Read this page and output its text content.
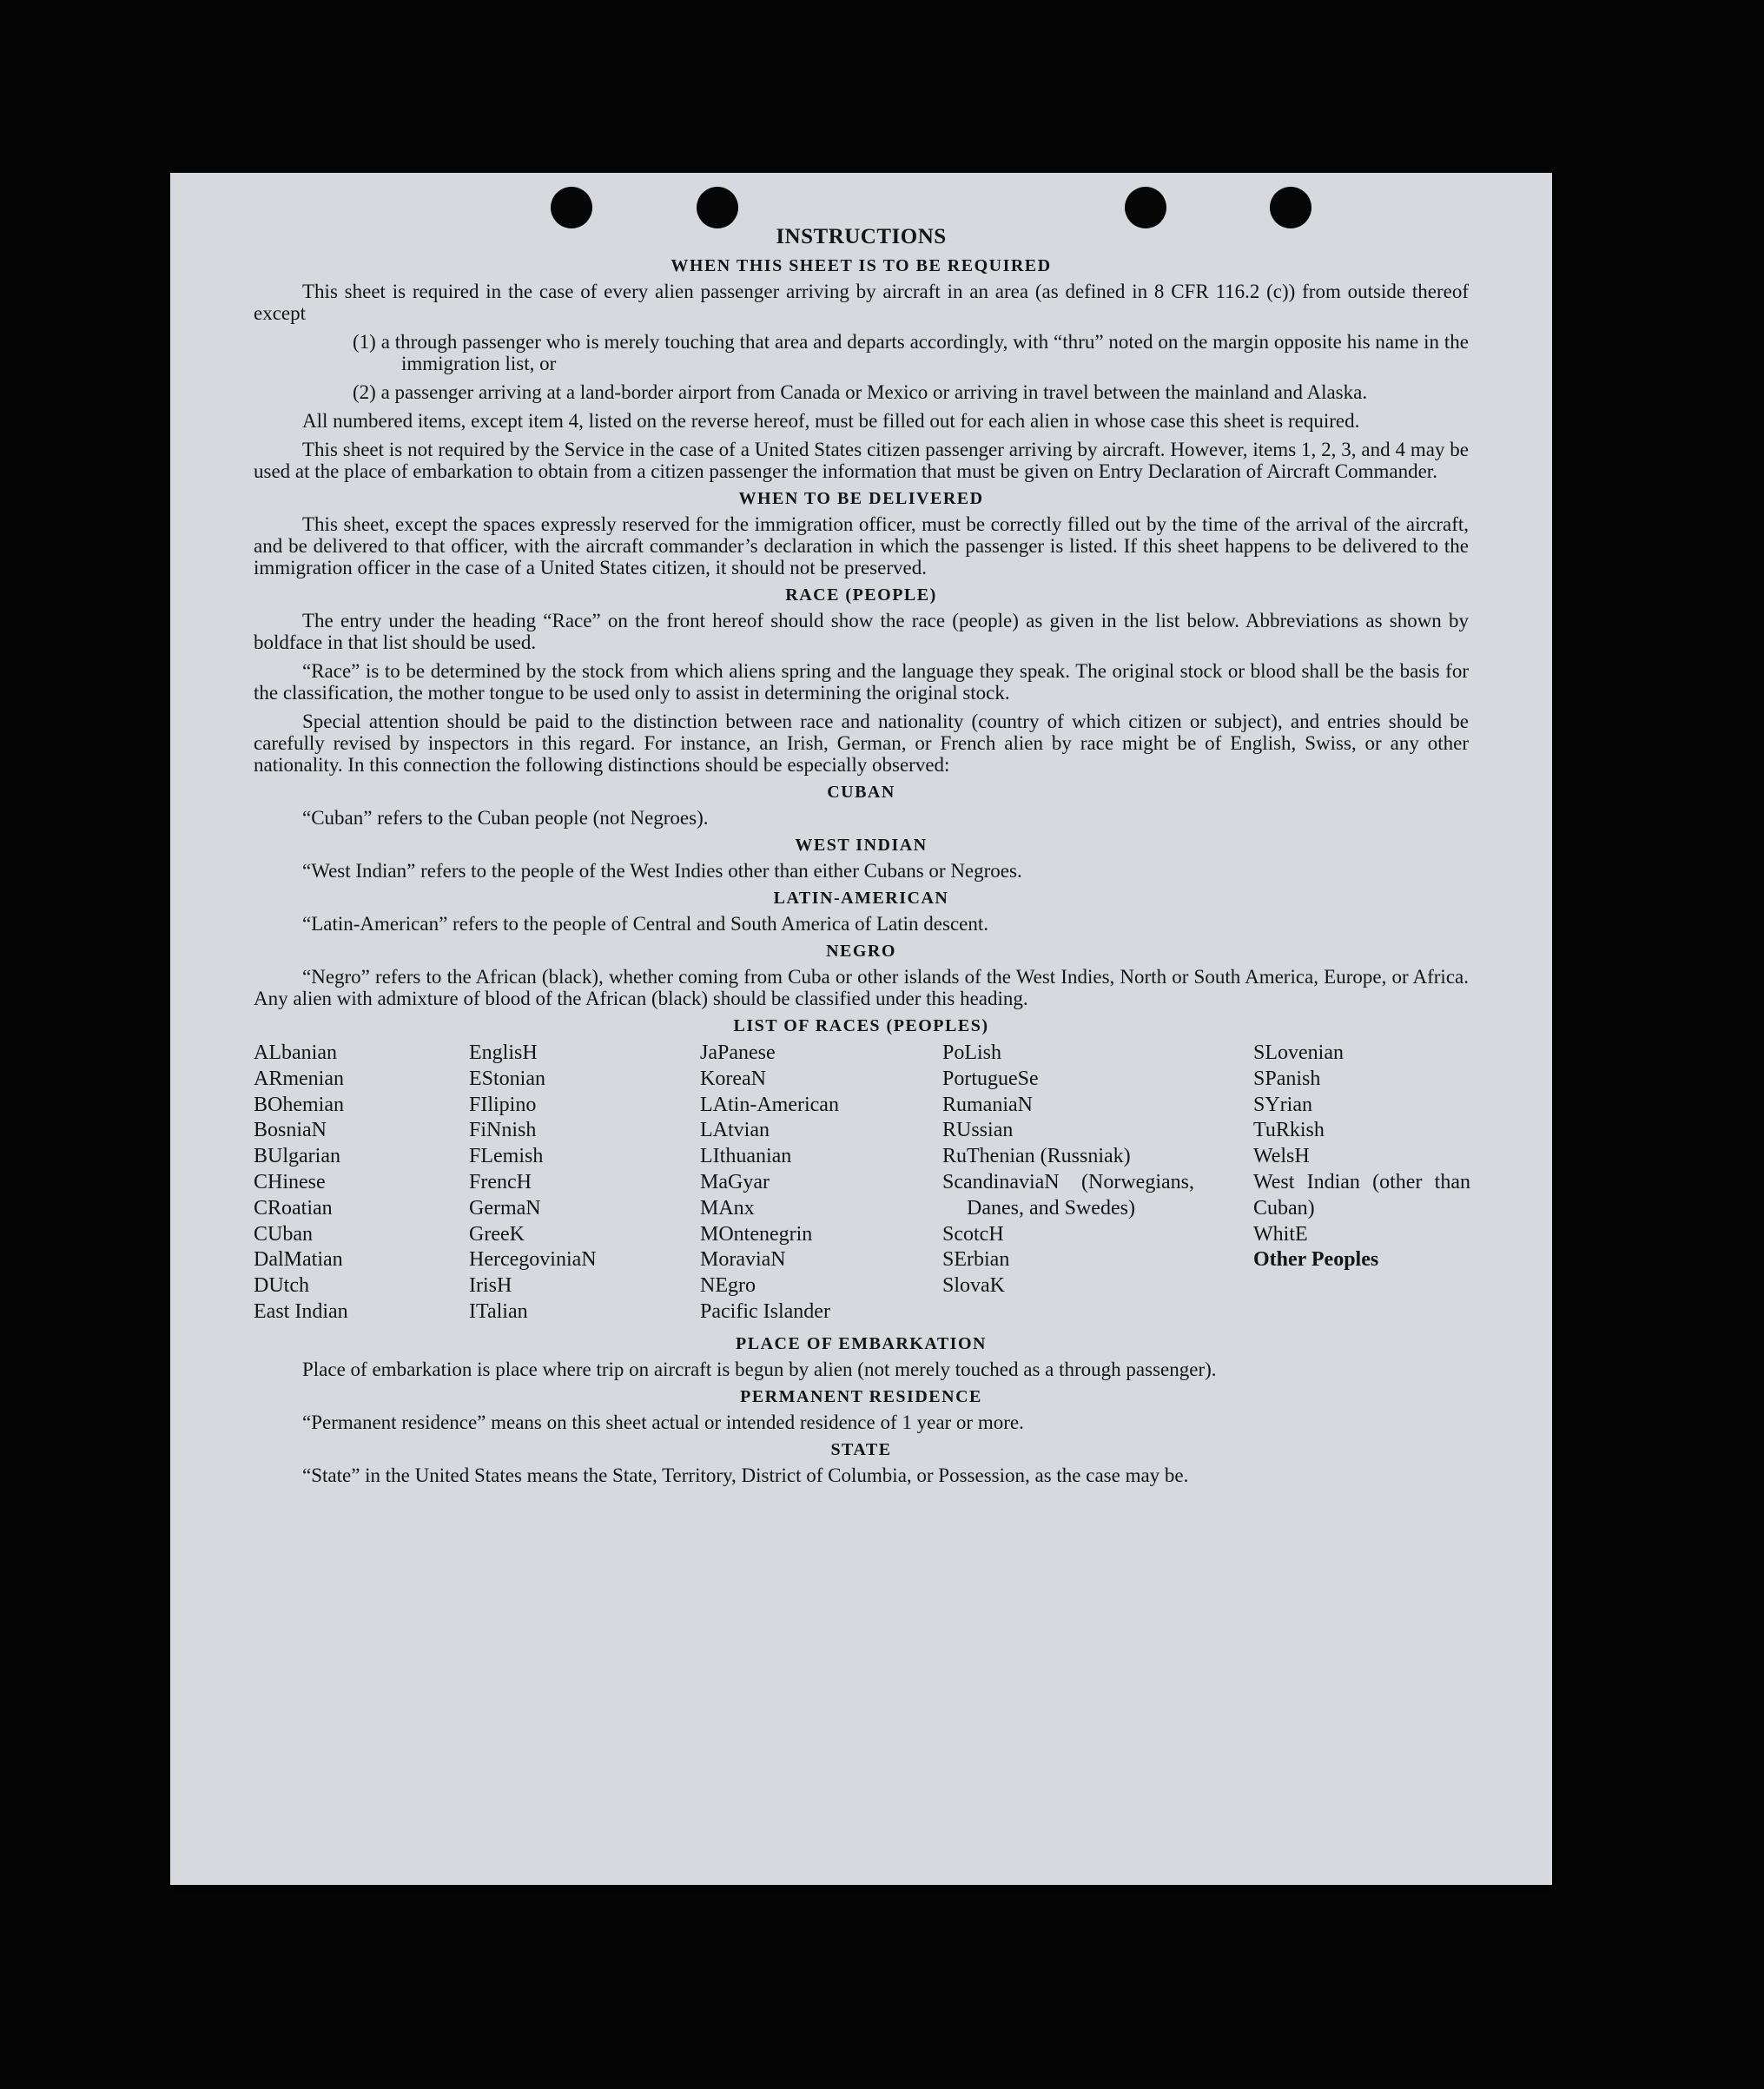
INSTRUCTIONS
WHEN THIS SHEET IS TO BE REQUIRED
This sheet is required in the case of every alien passenger arriving by aircraft in an area (as defined in 8 CFR 116.2 (c)) from outside thereof except
(1) a through passenger who is merely touching that area and departs accordingly, with “thru” noted on the margin opposite his name in the immigration list, or
(2) a passenger arriving at a land-border airport from Canada or Mexico or arriving in travel between the mainland and Alaska.
All numbered items, except item 4, listed on the reverse hereof, must be filled out for each alien in whose case this sheet is required.
This sheet is not required by the Service in the case of a United States citizen passenger arriving by aircraft. However, items 1, 2, 3, and 4 may be used at the place of embarkation to obtain from a citizen passenger the information that must be given on Entry Declaration of Aircraft Commander.
WHEN TO BE DELIVERED
This sheet, except the spaces expressly reserved for the immigration officer, must be correctly filled out by the time of the arrival of the aircraft, and be delivered to that officer, with the aircraft commander’s declaration in which the passenger is listed. If this sheet happens to be delivered to the immigration officer in the case of a United States citizen, it should not be preserved.
RACE (PEOPLE)
The entry under the heading “Race” on the front hereof should show the race (people) as given in the list below. Abbreviations as shown by boldface in that list should be used.
“Race” is to be determined by the stock from which aliens spring and the language they speak. The original stock or blood shall be the basis for the classification, the mother tongue to be used only to assist in determining the original stock.
Special attention should be paid to the distinction between race and nationality (country of which citizen or subject), and entries should be carefully revised by inspectors in this regard. For instance, an Irish, German, or French alien by race might be of English, Swiss, or any other nationality. In this connection the following distinctions should be especially observed:
CUBAN
“Cuban” refers to the Cuban people (not Negroes).
WEST INDIAN
“West Indian” refers to the people of the West Indies other than either Cubans or Negroes.
LATIN-AMERICAN
“Latin-American” refers to the people of Central and South America of Latin descent.
NEGRO
“Negro” refers to the African (black), whether coming from Cuba or other islands of the West Indies, North or South America, Europe, or Africa. Any alien with admixture of blood of the African (black) should be classified under this heading.
LIST OF RACES (PEOPLES)
ALbanian
ARmenian
BOhemian
BosniaN
BUlgarian
CHinese
CRoatian
CUban
DalMatian
DUtch
East Indian
EnglisH
EStonian
FIlipino
FiNnish
FLemish
FrencH
GermaN
GreeK
HercegoviniaN
IrisH
ITalian
JaPanese
KoreaN
LAtin-American
LAtvian
LIthuanian
MaGyar
MAnx
MOntenegrin
MoraviaN
NEgro
Pacific Islander
PoLish
PortugueSe
RumaniaN
RUssian
RuThenian (Russniak)
ScandinaviaN (Norwegians, Danes, and Swedes)
ScotcH
SErbian
SlovaK
SLovenian
SPanish
SYrian
TuRkish
WelsH
West Indian (other than Cuban)
WhitE
Other Peoples
PLACE OF EMBARKATION
Place of embarkation is place where trip on aircraft is begun by alien (not merely touched as a through passenger).
PERMANENT RESIDENCE
“Permanent residence” means on this sheet actual or intended residence of 1 year or more.
STATE
“State” in the United States means the State, Territory, District of Columbia, or Possession, as the case may be.
